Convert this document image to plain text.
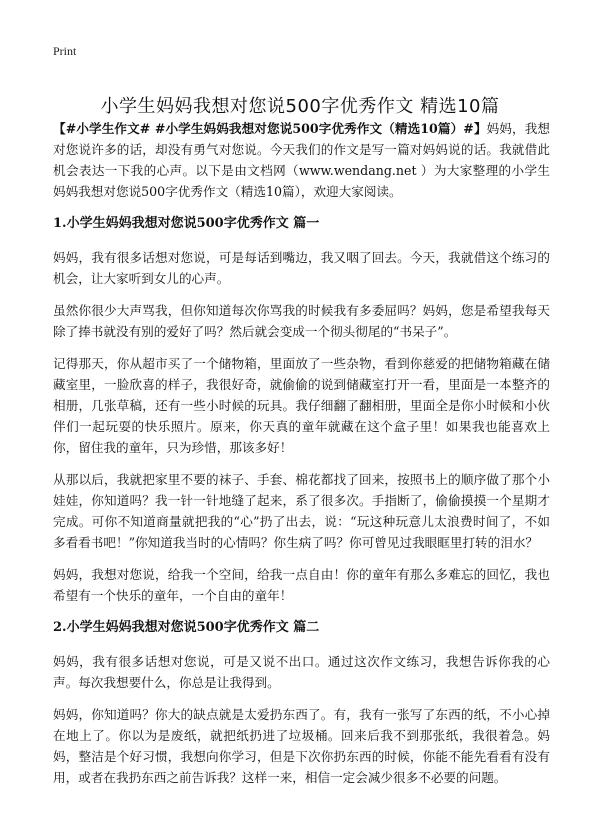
Print
小学生妈妈我想对您说500字优秀作文 精选10篇

【#小学生作文# #小学生妈妈我想对您说500字优秀作文（精选10篇）#】妈妈，我想对您说许多的话，却没有勇气对您说。今天我们的作文是写一篇对妈妈说的话。我就借此机会表达一下我的心声。以下是由文档网（www.wendang.net ）为大家整理的小学生妈妈我想对您说500字优秀作文（精选10篇），欢迎大家阅读。

1.小学生妈妈我想对您说500字优秀作文 篇一

妈妈，我有很多话想对您说，可是每话到嘴边，我又咽了回去。今天，我就借这个练习的机会，让大家听到女儿的心声。

虽然你很少大声骂我，但你知道每次你骂我的时候我有多委屈吗？妈妈，您是希望我每天除了捧书就没有别的爱好了吗？然后就会变成一个彻头彻尾的“书呆子”。

记得那天，你从超市买了一个储物箱，里面放了一些杂物，看到你慈爱的把储物箱藏在储藏室里，一脸欣喜的样子，我很好奇，就偷偷的说到储藏室打开一看，里面是一本整齐的相册，几张草稿，还有一些小时候的玩具。我仔细翻了翻相册，里面全是你小时候和小伙伴们一起玩耍的快乐照片。原来，你天真的童年就藏在这个盒子里！如果我也能喜欢上你，留住我的童年，只为珍惜，那该多好！

从那以后，我就把家里不要的袜子、手套、棉花都找了回来，按照书上的顺序做了那个小娃娃，你知道吗？我一针一针地缝了起来，系了很多次。手指断了，偷偷摸摸一个星期才完成。可你不知道商量就把我的“心”扔了出去，说：“玩这种玩意儿太浪费时间了，不如多看看书吧！”你知道我当时的心情吗？你生病了吗？你可曾见过我眼眶里打转的泪水？

妈妈，我想对您说，给我一个空间，给我一点自由！你的童年有那么多难忘的回忆，我也希望有一个快乐的童年，一个自由的童年！

2.小学生妈妈我想对您说500字优秀作文 篇二

妈妈，我有很多话想对您说，可是又说不出口。通过这次作文练习，我想告诉你我的心声。每次我想要什么，你总是让我得到。

妈妈，你知道吗？你大的缺点就是太爱扔东西了。有，我有一张写了东西的纸，不小心掉在地上了。你以为是废纸，就把纸扔进了垃圾桶。回来后我不到那张纸，我很着急。妈妈，整洁是个好习惯，我想向你学习，但是下次你扔东西的时候，你能不能先看看有没有用，或者在我扔东西之前告诉我？这样一来，相信一定会减少很多不必要的问题。
